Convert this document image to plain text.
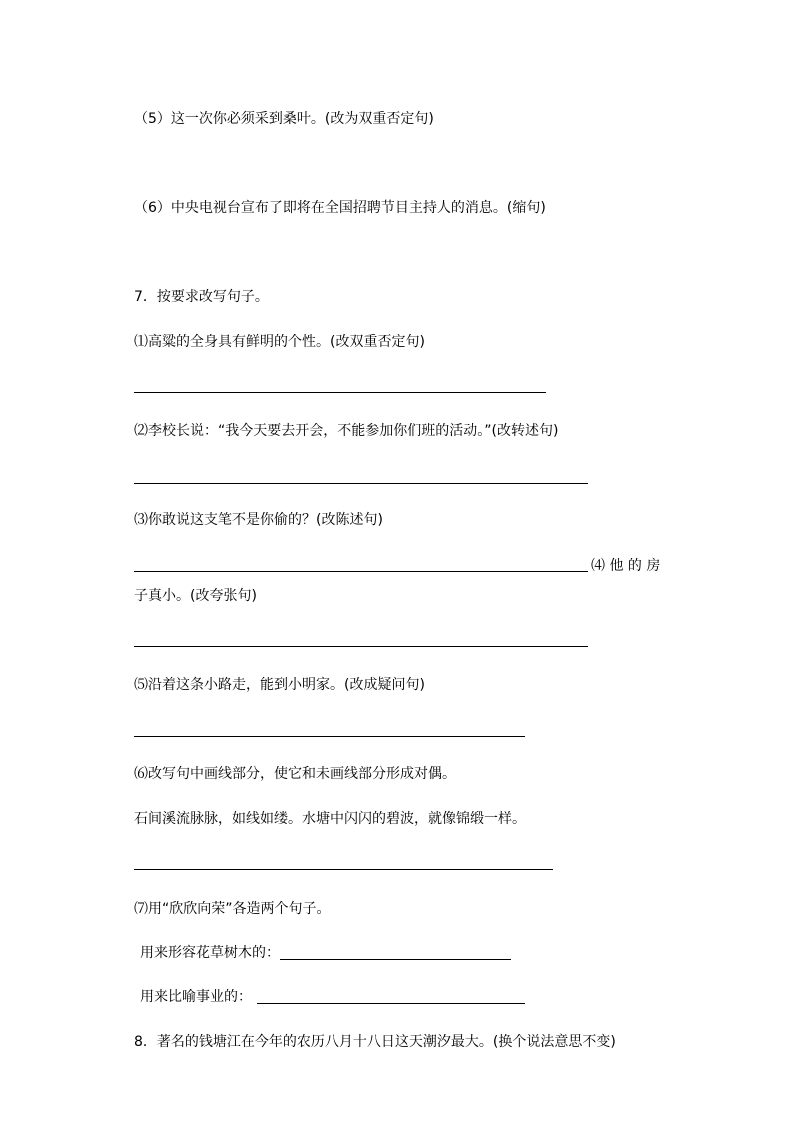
（5）这一次你必须采到桑叶。(改为双重否定句)
（6）中央电视台宣布了即将在全国招聘节目主持人的消息。(缩句)
7．按要求改写句子。
⑴高粱的全身具有鲜明的个性。(改双重否定句)
⑵李校长说：“我今天要去开会，不能参加你们班的活动。”(改转述句)
⑶你敢说这支笔不是你偷的？(改陈述句)
⑷ 他 的 房
子真小。(改夸张句)
⑸沿着这条小路走，能到小明家。(改成疑问句)
⑹改写句中画线部分，使它和未画线部分形成对偶。
石间溪流脉脉，如线如缕。水塘中闪闪的碧波，就像锦缎一样。
⑺用“欣欣向荣”各造两个句子。
用来形容花草树木的：
用来比喻事业的：
8．著名的钱塘江在今年的农历八月十八日这天潮汐最大。(换个说法意思不变)
